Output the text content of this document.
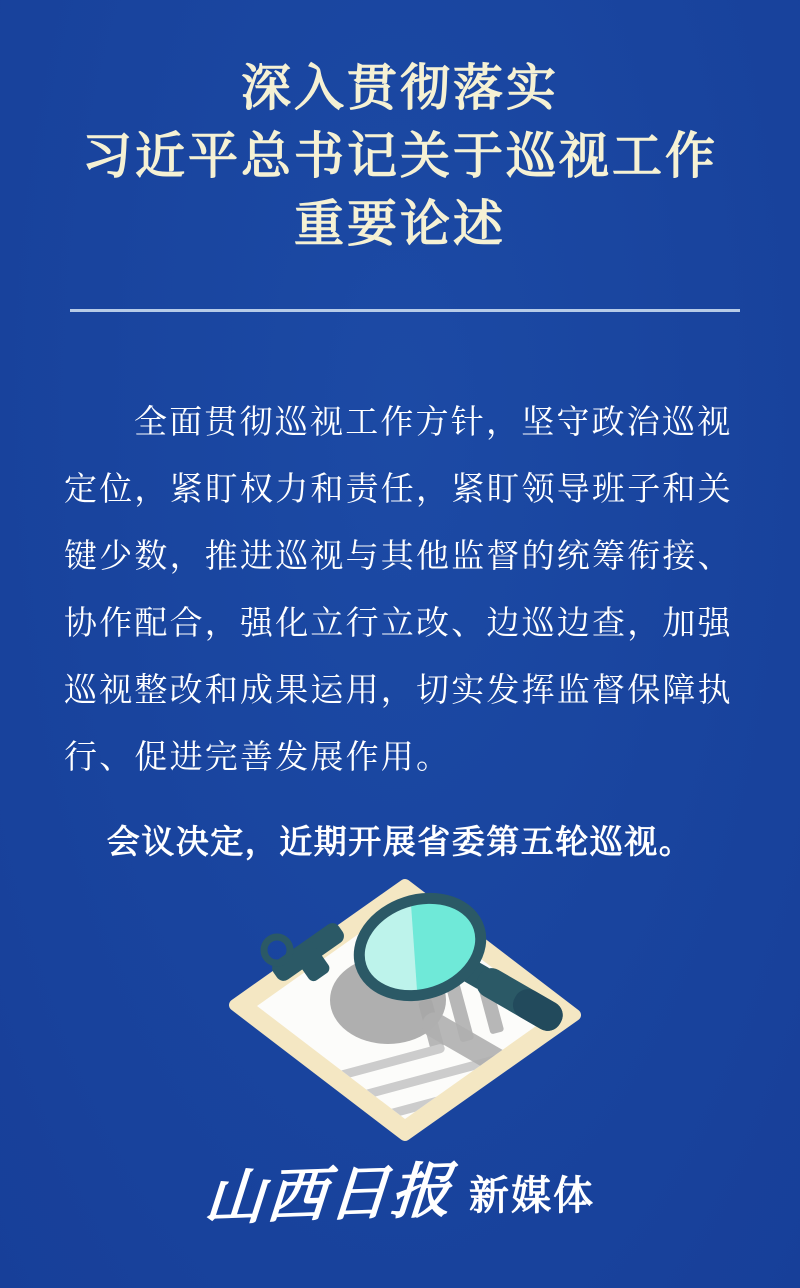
深入贯彻落实
习近平总书记关于巡视工作
重要论述
全面贯彻巡视工作方针，坚守政治巡视
定位，紧盯权力和责任，紧盯领导班子和关
键少数，推进巡视与其他监督的统筹衔接、
协作配合，强化立行立改、边巡边查，加强
巡视整改和成果运用，切实发挥监督保障执
行、促进完善发展作用。
会议决定，近期开展省委第五轮巡视。
山西日报 新媒体
